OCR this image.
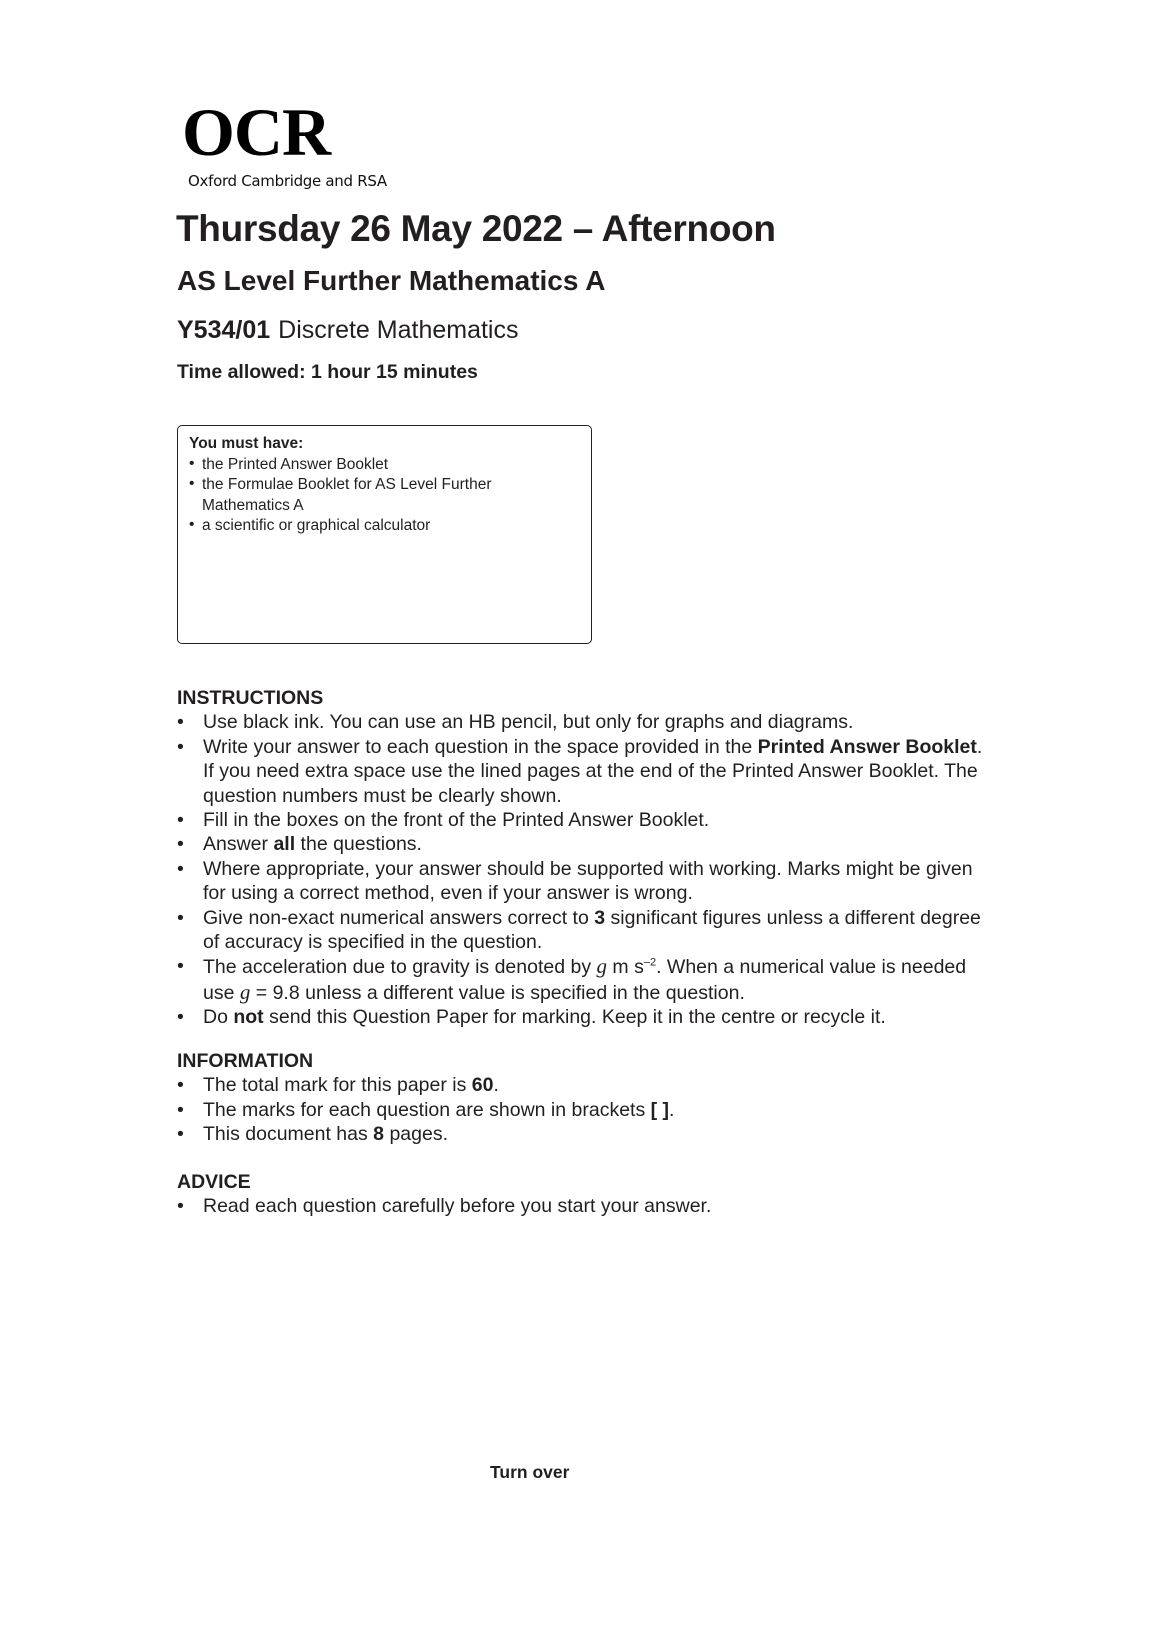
OCR
Oxford Cambridge and RSA
Thursday 26 May 2022 – Afternoon
AS Level Further Mathematics A
Y534/01 Discrete Mathematics
Time allowed: 1 hour 15 minutes
You must have:
• the Printed Answer Booklet
• the Formulae Booklet for AS Level Further Mathematics A
• a scientific or graphical calculator
INSTRUCTIONS
• Use black ink. You can use an HB pencil, but only for graphs and diagrams.
• Write your answer to each question in the space provided in the Printed Answer Booklet. If you need extra space use the lined pages at the end of the Printed Answer Booklet. The question numbers must be clearly shown.
• Fill in the boxes on the front of the Printed Answer Booklet.
• Answer all the questions.
• Where appropriate, your answer should be supported with working. Marks might be given for using a correct method, even if your answer is wrong.
• Give non-exact numerical answers correct to 3 significant figures unless a different degree of accuracy is specified in the question.
• The acceleration due to gravity is denoted by g m $s^{-2}$. When a numerical value is needed use g = 9.8 unless a different value is specified in the question.
• Do not send this Question Paper for marking. Keep it in the centre or recycle it.
INFORMATION
• The total mark for this paper is 60.
• The marks for each question are shown in brackets [ ].
• This document has 8 pages.
ADVICE
• Read each question carefully before you start your answer.
Turn over
